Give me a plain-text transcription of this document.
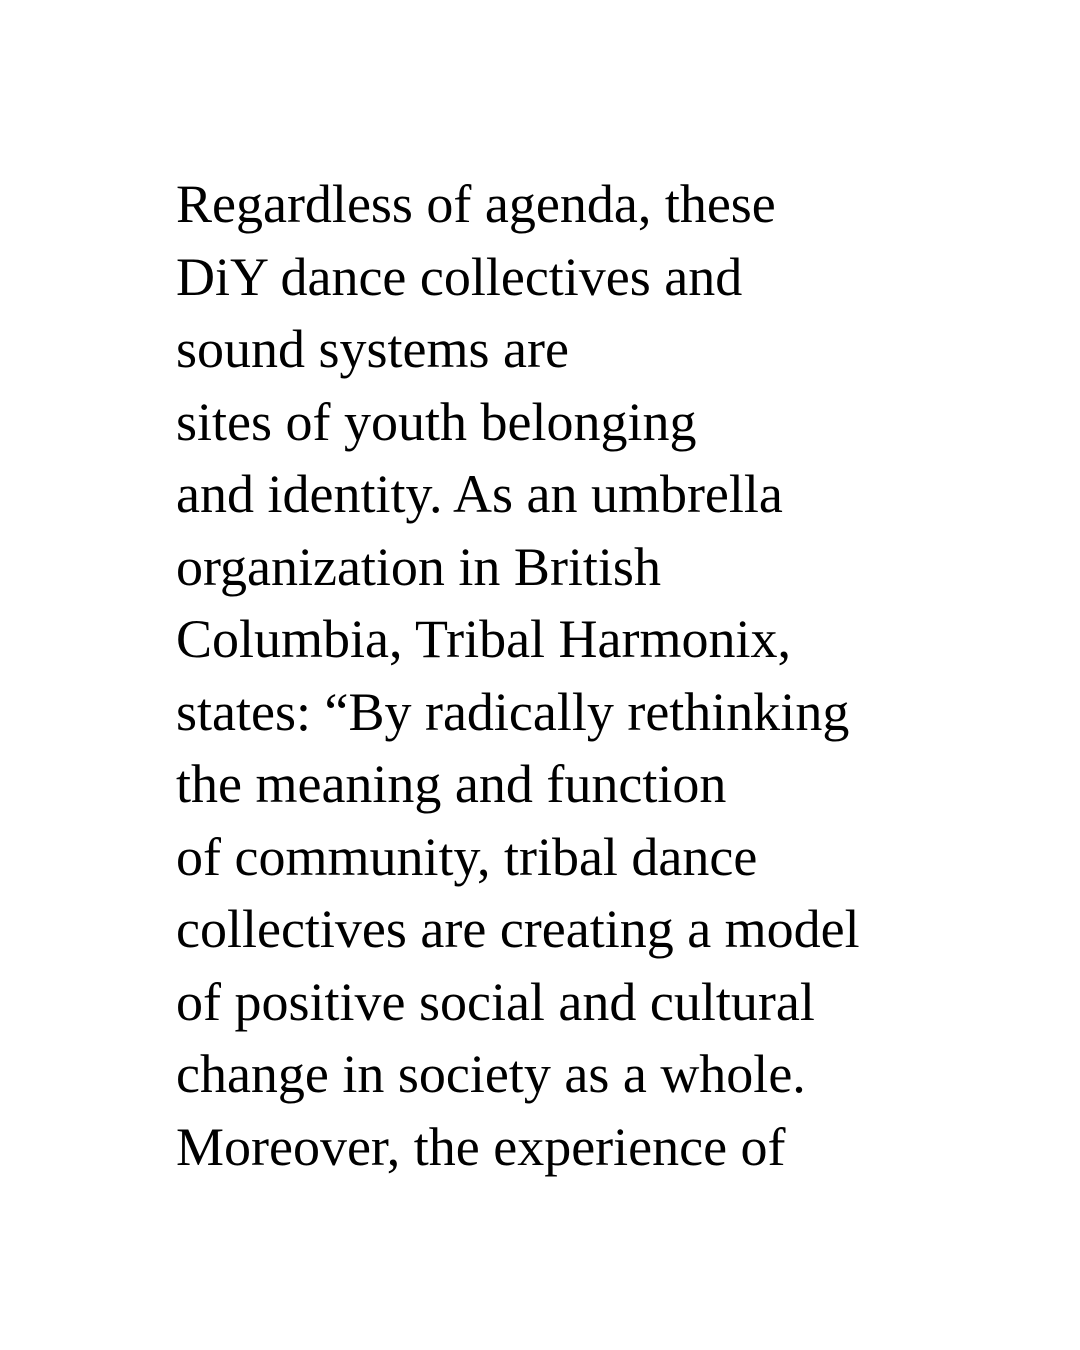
Regardless of agenda, these
DiY dance collectives and
sound systems are
sites of youth belonging
and identity. As an umbrella
organization in British
Columbia, Tribal Harmonix,
states: “By radically rethinking
the meaning and function
of community, tribal dance
collectives are creating a model
of positive social and cultural
change in society as a whole.
Moreover, the experience of
